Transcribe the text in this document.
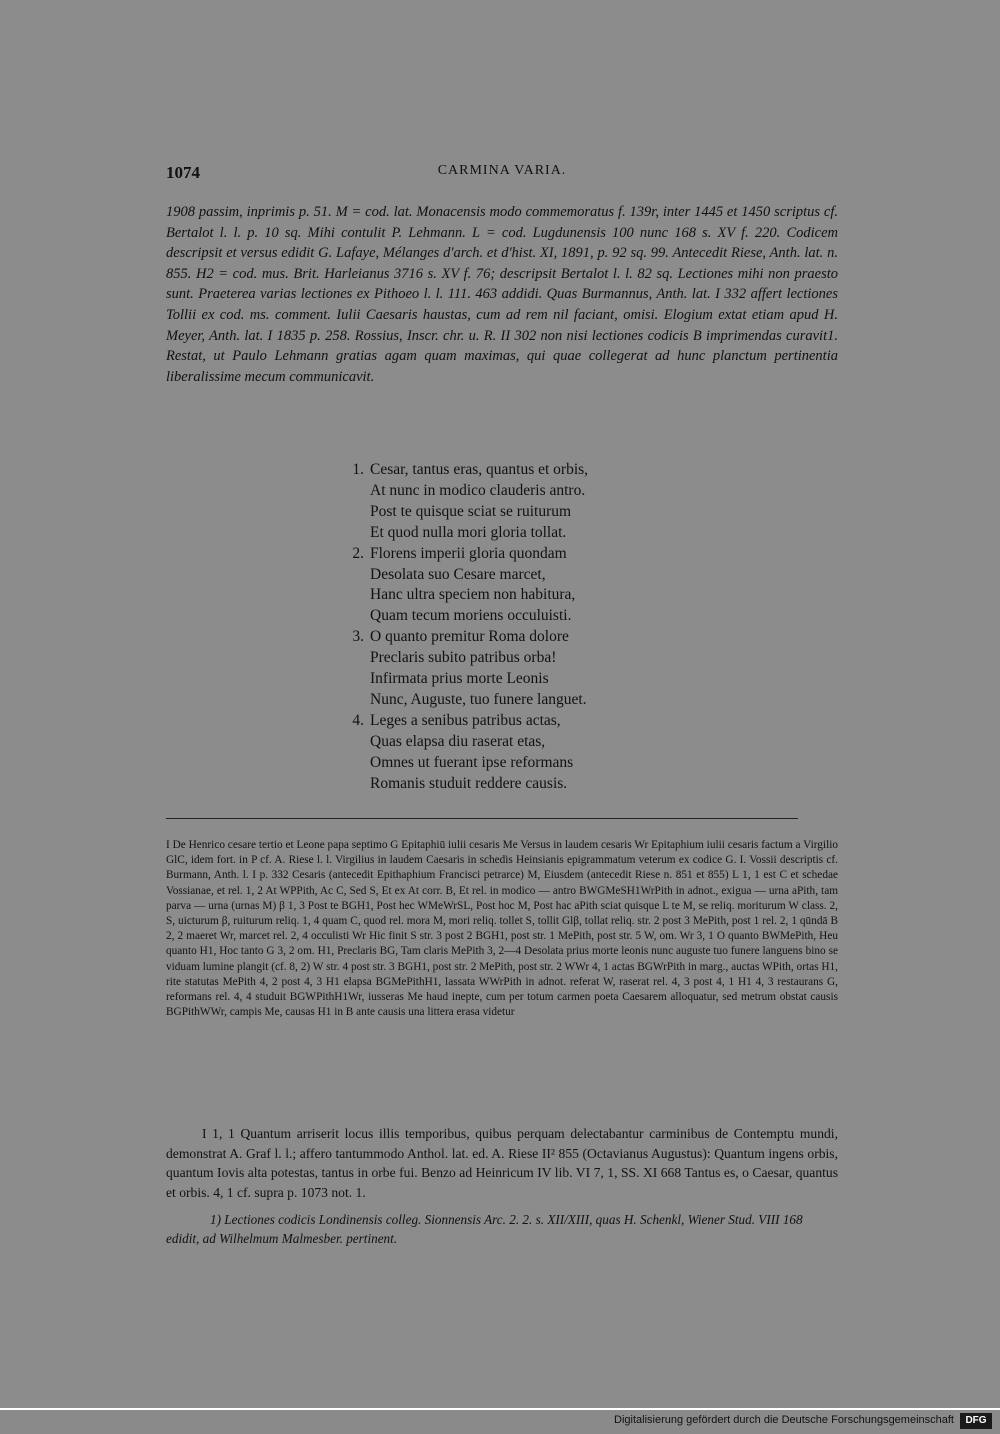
1074	CARMINA VARIA.

1908 passim, inprimis p. 51. M = cod. lat. Monacensis modo commemoratus f. 139r, inter 1445 et 1450 scriptus cf. Bertalot l. l. p. 10 sq. Mihi contulit P. Lehmann. L = cod. Lugdunensis 100 nunc 168 s. XV f. 220. Codicem descripsit et versus edidit G. Lafaye, Mélanges d'arch. et d'hist. XI, 1891, p. 92 sq. 99. Antecedit Riese, Anth. lat. n. 855. H2 = cod. mus. Brit. Harleianus 3716 s. XV f. 76; descripsit Bertalot l. l. 82 sq. Lectiones mihi non praesto sunt. Praeterea varias lectiones ex Pithoeo l. l. 111. 463 addidi. Quas Burmannus, Anth. lat. I 332 affert lectiones Tollii ex cod. ms. comment. Iulii Caesaris haustas, cum ad rem nil faciant, omisi. Elogium extat etiam apud H. Meyer, Anth. lat. I 1835 p. 258. Rossius, Inscr. chr. u. R. II 302 non nisi lectiones codicis B imprimendas curavit1. Restat, ut Paulo Lehmann gratias agam quam maximas, qui quae collegerat ad hunc planctum pertinentia liberalissime mecum communicavit.

1. Cesar, tantus eras, quantus et orbis,
At nunc in modico clauderis antro.
Post te quisque sciat se ruiturum
Et quod nulla mori gloria tollat.
2. Florens imperii gloria quondam
Desolata suo Cesare marcet,
Hanc ultra speciem non habitura,
Quam tecum moriens occuluisti.
3. O quanto premitur Roma dolore
Preclaris subito patribus orba!
Infirmata prius morte Leonis
Nunc, Auguste, tuo funere languet.
4. Leges a senibus patribus actas,
Quas elapsa diu raserat etas,
Omnes ut fuerant ipse reformans
Romanis studuit reddere causis.

I De Henrico cesare tertio et Leone papa septimo G Epitaphiū iulii cesaris Me Versus in laudem cesaris Wr Epitaphium iulii cesaris factum a Virgilio GlC, idem fort. in P cf. A. Riese l. l. Virgilius in laudem Caesaris in schedis Heinsianis epigrammatum veterum ex codice G. I. Vossii descriptis cf. Burmann, Anth. l. I p. 332 Cesaris (antecedit Epithaphium Francisci petrarce) M, Eiusdem (antecedit Riese n. 851 et 855) L 1, 1 est C et schedae Vossianae, et rel. 1, 2 At WPPith, Ac C, Sed S, Et ex At corr. B, Et rel. in modico — antro BWGMeSH1WrPith in adnot., exigua — urna aPith, tam parva — urna (urnas M) β 1, 3 Post te BGH1, Post hec WMeWrSL, Post hoc M, Post hac aPith sciat quisque L te M, se reliq. moriturum W class. 2, S, uicturum β, ruiturum reliq. 1, 4 quam C, quod rel. mora M, mori reliq. tollet S, tollit Glβ, tollat reliq. str. 2 post 3 MePith, post 1 rel. 2, 1 qūndā B 2, 2 maeret Wr, marcet rel. 2, 4 occulisti Wr Hic finit S str. 3 post 2 BGH1, post str. 1 MePith, post str. 5 W, om. Wr 3, 1 O quanto BWMePith, Heu quanto H1, Hoc tanto G 3, 2 om. H1, Preclaris BG, Tam claris MePith 3, 2—4 Desolata prius morte leonis nunc auguste tuo funere languens bino se viduam lumine plangit (cf. 8, 2) W str. 4 post str. 3 BGH1, post str. 2 MePith, post str. 2 WWr 4, 1 actas BGWrPith in marg., auctas WPith, ortas H1, rite statutas MePith 4, 2 post 4, 3 H1 elapsa BGMePithH1, lassata WWrPith in adnot. referat W, raserat rel. 4, 3 post 4, 1 H1 4, 3 restaurans G, reformans rel. 4, 4 studuit BGWPithH1Wr, iusseras Me haud inepte, cum per totum carmen poeta Caesarem alloquatur, sed metrum obstat causis BGPithWWr, campis Me, causas H1 in B ante causis una littera erasa videtur

I 1, 1 Quantum arriserit locus illis temporibus, quibus perquam delectabantur carminibus de Contemptu mundi, demonstrat A. Graf l. l.; affero tantummodo Anthol. lat. ed. A. Riese II² 855 (Octavianus Augustus): Quantum ingens orbis, quantum Iovis alta potestas, tantus in orbe fui. Benzo ad Heinricum IV lib. VI 7, 1, SS. XI 668 Tantus es, o Caesar, quantus et orbis. 4, 1 cf. supra p. 1073 not. 1.

1) Lectiones codicis Londinensis colleg. Sionnensis Arc. 2. 2. s. XII/XIII, quas H. Schenkl, Wiener Stud. VIII 168 edidit, ad Wilhelmum Malmesber. pertinent.

Digitalisierung gefördert durch die Deutsche Forschungsgemeinschaft	DFG
